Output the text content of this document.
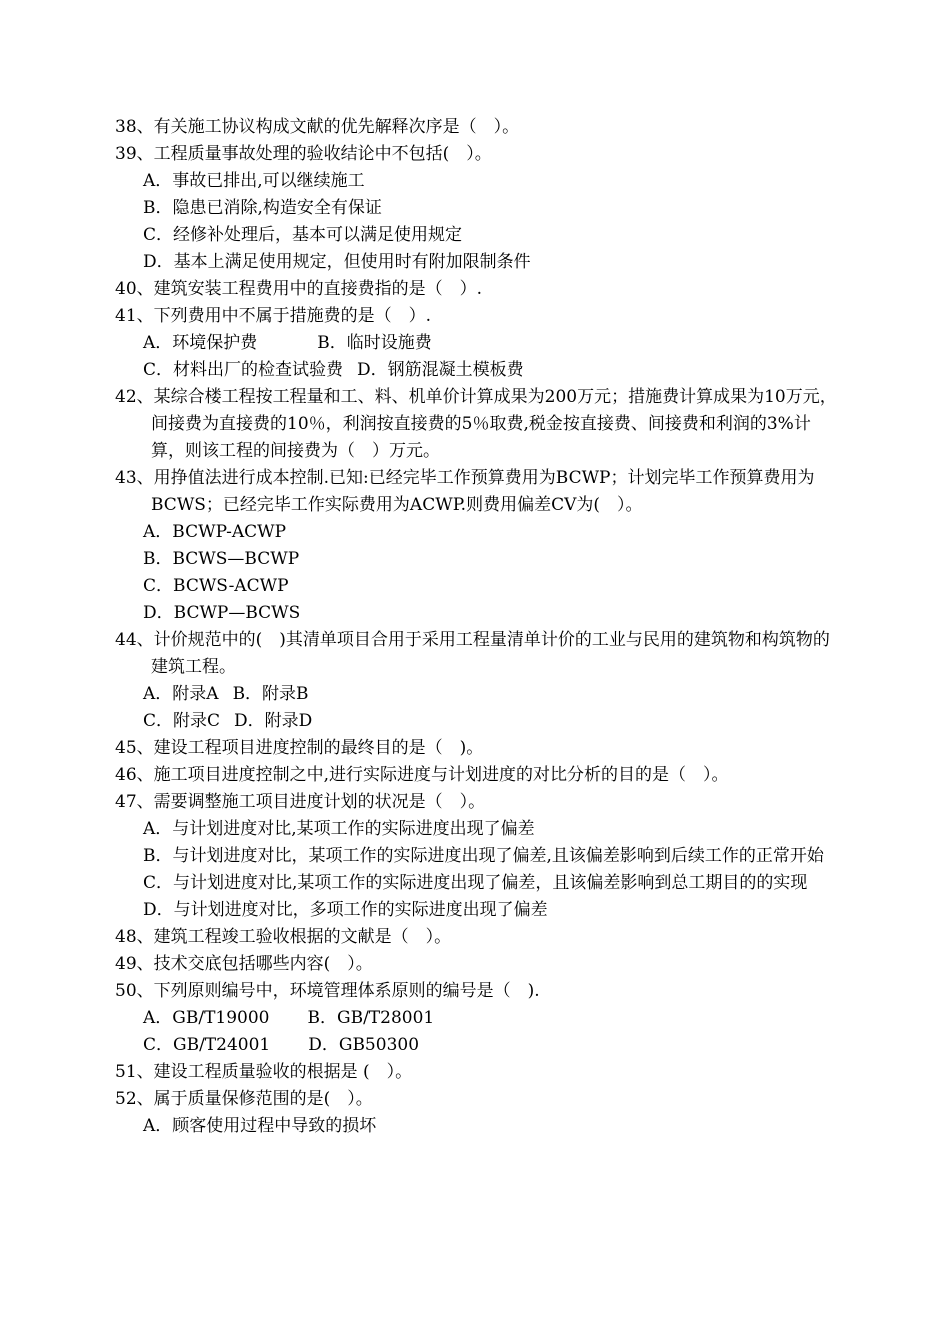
38、有关施工协议构成文献的优先解释次序是（　）。

39、工程质量事故处理的验收结论中不包括(　）。

A．事故已排出,可以继续施工

B．隐患已消除,构造安全有保证

C．经修补处理后，基本可以满足使用规定

D．基本上满足使用规定，但使用时有附加限制条件

40、建筑安装工程费用中的直接费指的是（　）.

41、下列费用中不属于措施费的是（　）.

A．环境保护费	B．临时设施费

C．材料出厂的检查试验费 D．钢筋混凝土模板费

42、某综合楼工程按工程量和工、料、机单价计算成果为200万元；措施费计算成果为10万元，间接费为直接费的10％，利润按直接费的5％取费,税金按直接费、间接费和利润的3%计算，则该工程的间接费为（　）万元。

43、用挣值法进行成本控制.已知:已经完毕工作预算费用为BCWP；计划完毕工作预算费用为BCWS；已经完毕工作实际费用为ACWP.则费用偏差CV为(　）。

A．BCWP-ACWP

B．BCWS—BCWP

C．BCWS-ACWP

D．BCWP—BCWS

44、计价规范中的(　)其清单项目合用于采用工程量清单计价的工业与民用的建筑物和构筑物的建筑工程。

A．附录A B．附录B

C．附录C D．附录D

45、建设工程项目进度控制的最终目的是（　)。

46、施工项目进度控制之中,进行实际进度与计划进度的对比分析的目的是（　）。

47、需要调整施工项目进度计划的状况是（　）。

A．与计划进度对比,某项工作的实际进度出现了偏差

B．与计划进度对比，某项工作的实际进度出现了偏差,且该偏差影响到后续工作的正常开始

C．与计划进度对比,某项工作的实际进度出现了偏差，且该偏差影响到总工期目的的实现

D．与计划进度对比，多项工作的实际进度出现了偏差

48、建筑工程竣工验收根据的文献是（　）。

49、技术交底包括哪些内容(　）。

50、下列原则编号中，环境管理体系原则的编号是（　).

A．GB/T19000 B．GB/T28001

C．GB/T24001 D．GB50300

51、建设工程质量验收的根据是 (　）。

52、属于质量保修范围的是(　）。

A．顾客使用过程中导致的损坏
